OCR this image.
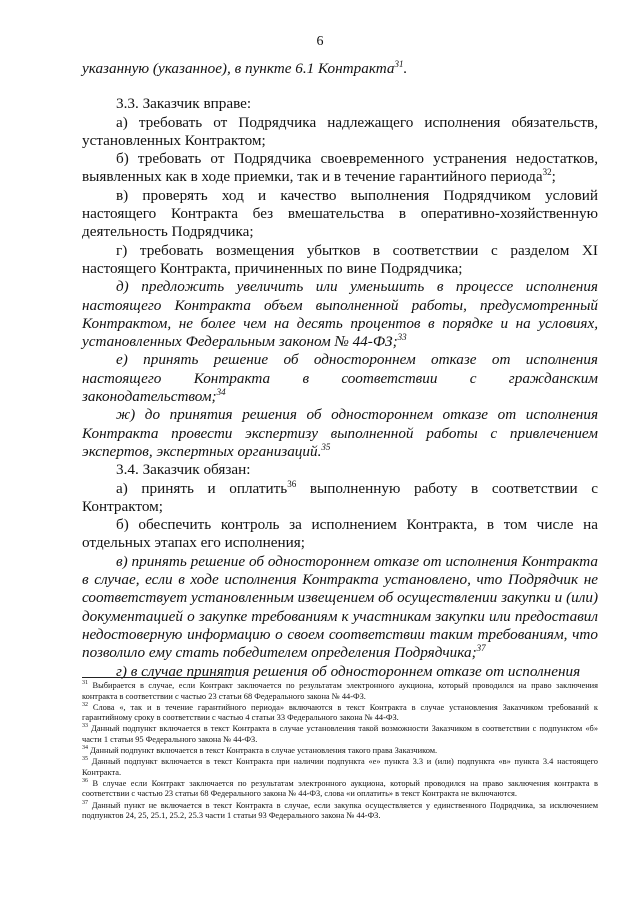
6

указанную (указанное), в пункте 6.1 Контракта$^{31}$.

3.3. Заказчик вправе:

а) требовать от Подрядчика надлежащего исполнения обязательств, установленных Контрактом;

б) требовать от Подрядчика своевременного устранения недостатков, выявленных как в ходе приемки, так и в течение гарантийного периода$^{32}$;

в) проверять ход и качество выполнения Подрядчиком условий настоящего Контракта без вмешательства в оперативно-хозяйственную деятельность Подрядчика;

г) требовать возмещения убытков в соответствии с разделом XI настоящего Контракта, причиненных по вине Подрядчика;

д) предложить увеличить или уменьшить в процессе исполнения настоящего Контракта объем выполненной работы, предусмотренный Контрактом, не более чем на десять процентов в порядке и на условиях, установленных Федеральным законом № 44-ФЗ;$^{33}$

е) принять решение об одностороннем отказе от исполнения настоящего Контракта в соответствии с гражданским законодательством;$^{34}$

ж) до принятия решения об одностороннем отказе от исполнения Контракта провести экспертизу выполненной работы с привлечением экспертов, экспертных организаций.$^{35}$

3.4. Заказчик обязан:

а) принять и оплатить$^{36}$ выполненную работу в соответствии с Контрактом;

б) обеспечить контроль за исполнением Контракта, в том числе на отдельных этапах его исполнения;

в) принять решение об одностороннем отказе от исполнения Контракта в случае, если в ходе исполнения Контракта установлено, что Подрядчик не соответствует установленным извещением об осуществлении закупки и (или) документацией о закупке требованиям к участникам закупки или предоставил недостоверную информацию о своем соответствии таким требованиям, что позволило ему стать победителем определения Подрядчика;$^{37}$

г) в случае принятия решения об одностороннем отказе от исполнения

$^{31}$ Выбирается в случае, если Контракт заключается по результатам электронного аукциона, который проводился на право заключения контракта в соответствии с частью 23 статьи 68 Федерального закона № 44-ФЗ.

$^{32}$ Слова «, так и в течение гарантийного периода» включаются в текст Контракта в случае установления Заказчиком требований к гарантийному сроку в соответствии с частью 4 статьи 33 Федерального закона № 44-ФЗ.

$^{33}$ Данный подпункт включается в текст Контракта в случае установления такой возможности Заказчиком в соответствии с подпунктом «б» части 1 статьи 95 Федерального закона № 44-ФЗ.

$^{34}$ Данный подпункт включается в текст Контракта в случае установления такого права Заказчиком.

$^{35}$ Данный подпункт включается в текст Контракта при наличии подпункта «е» пункта 3.3 и (или) подпункта «в» пункта 3.4 настоящего Контракта.

$^{36}$ В случае если Контракт заключается по результатам электронного аукциона, который проводился на право заключения контракта в соответствии с частью 23 статьи 68 Федерального закона № 44-ФЗ, слова «и оплатить» в текст Контракта не включаются.

$^{37}$ Данный пункт не включается в текст Контракта в случае, если закупка осуществляется у единственного Подрядчика, за исключением подпунктов 24, 25, 25.1, 25.2, 25.3 части 1 статьи 93 Федерального закона № 44-ФЗ.
